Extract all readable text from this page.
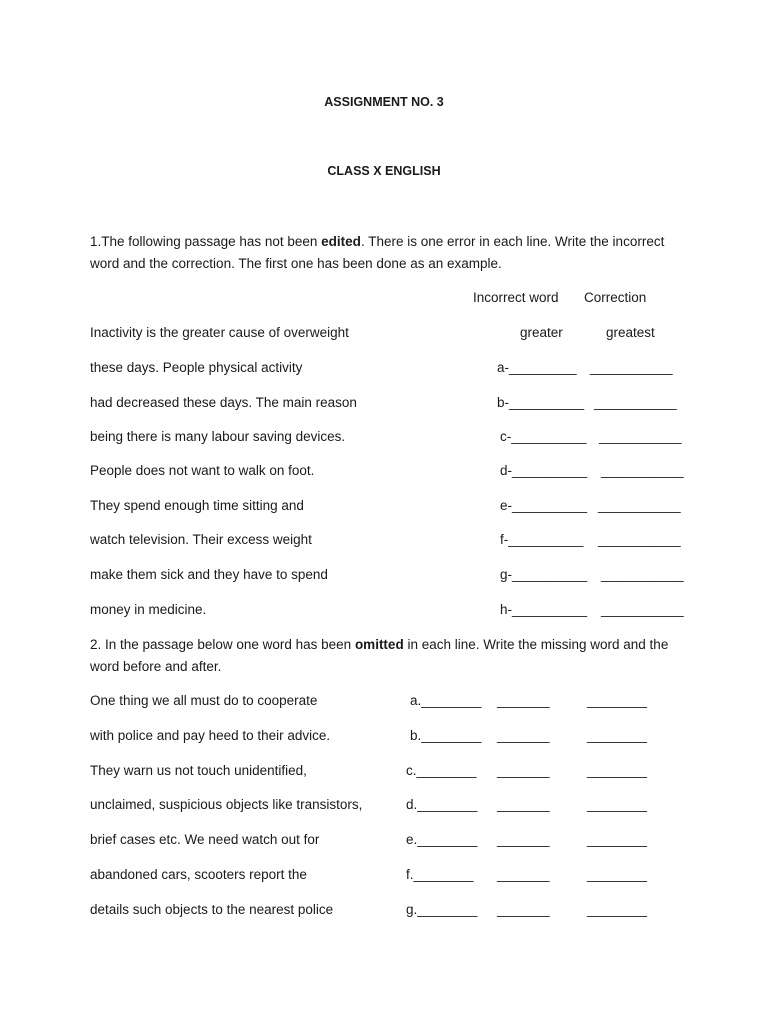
ASSIGNMENT NO. 3
CLASS X ENGLISH
1.The following passage has not been edited. There is one error in each line. Write the incorrect word and the correction. The first one has been done as an example.
Incorrect word Correction
Inactivity is the greater cause of overweight	greater	greatest
these days. People physical activity	a-_________ ___________
had decreased these days. The main reason	b-__________ ___________
being there is many labour saving devices.	c-__________ ___________
People does not want to walk on foot.	d-__________ ___________
They spend enough time sitting and	e-__________ ___________
watch television. Their excess weight	f-__________ ___________
make them sick and they have to spend	g-__________ ___________
money in medicine.	h-__________ ___________
2. In the passage below one word has been omitted in each line. Write the missing word and the word before and after.
One thing we all must do to cooperate	a.________ _______	________
with police and pay heed to their advice.	b.________ _______	________
They warn us not touch unidentified,	c.________ _______	________
unclaimed, suspicious objects like transistors,	d.________ _______	________
brief cases etc. We need watch out for	e.________ _______	________
abandoned cars, scooters report the	f.________ _______	________
details such objects to the nearest police	g.________ _______	________
